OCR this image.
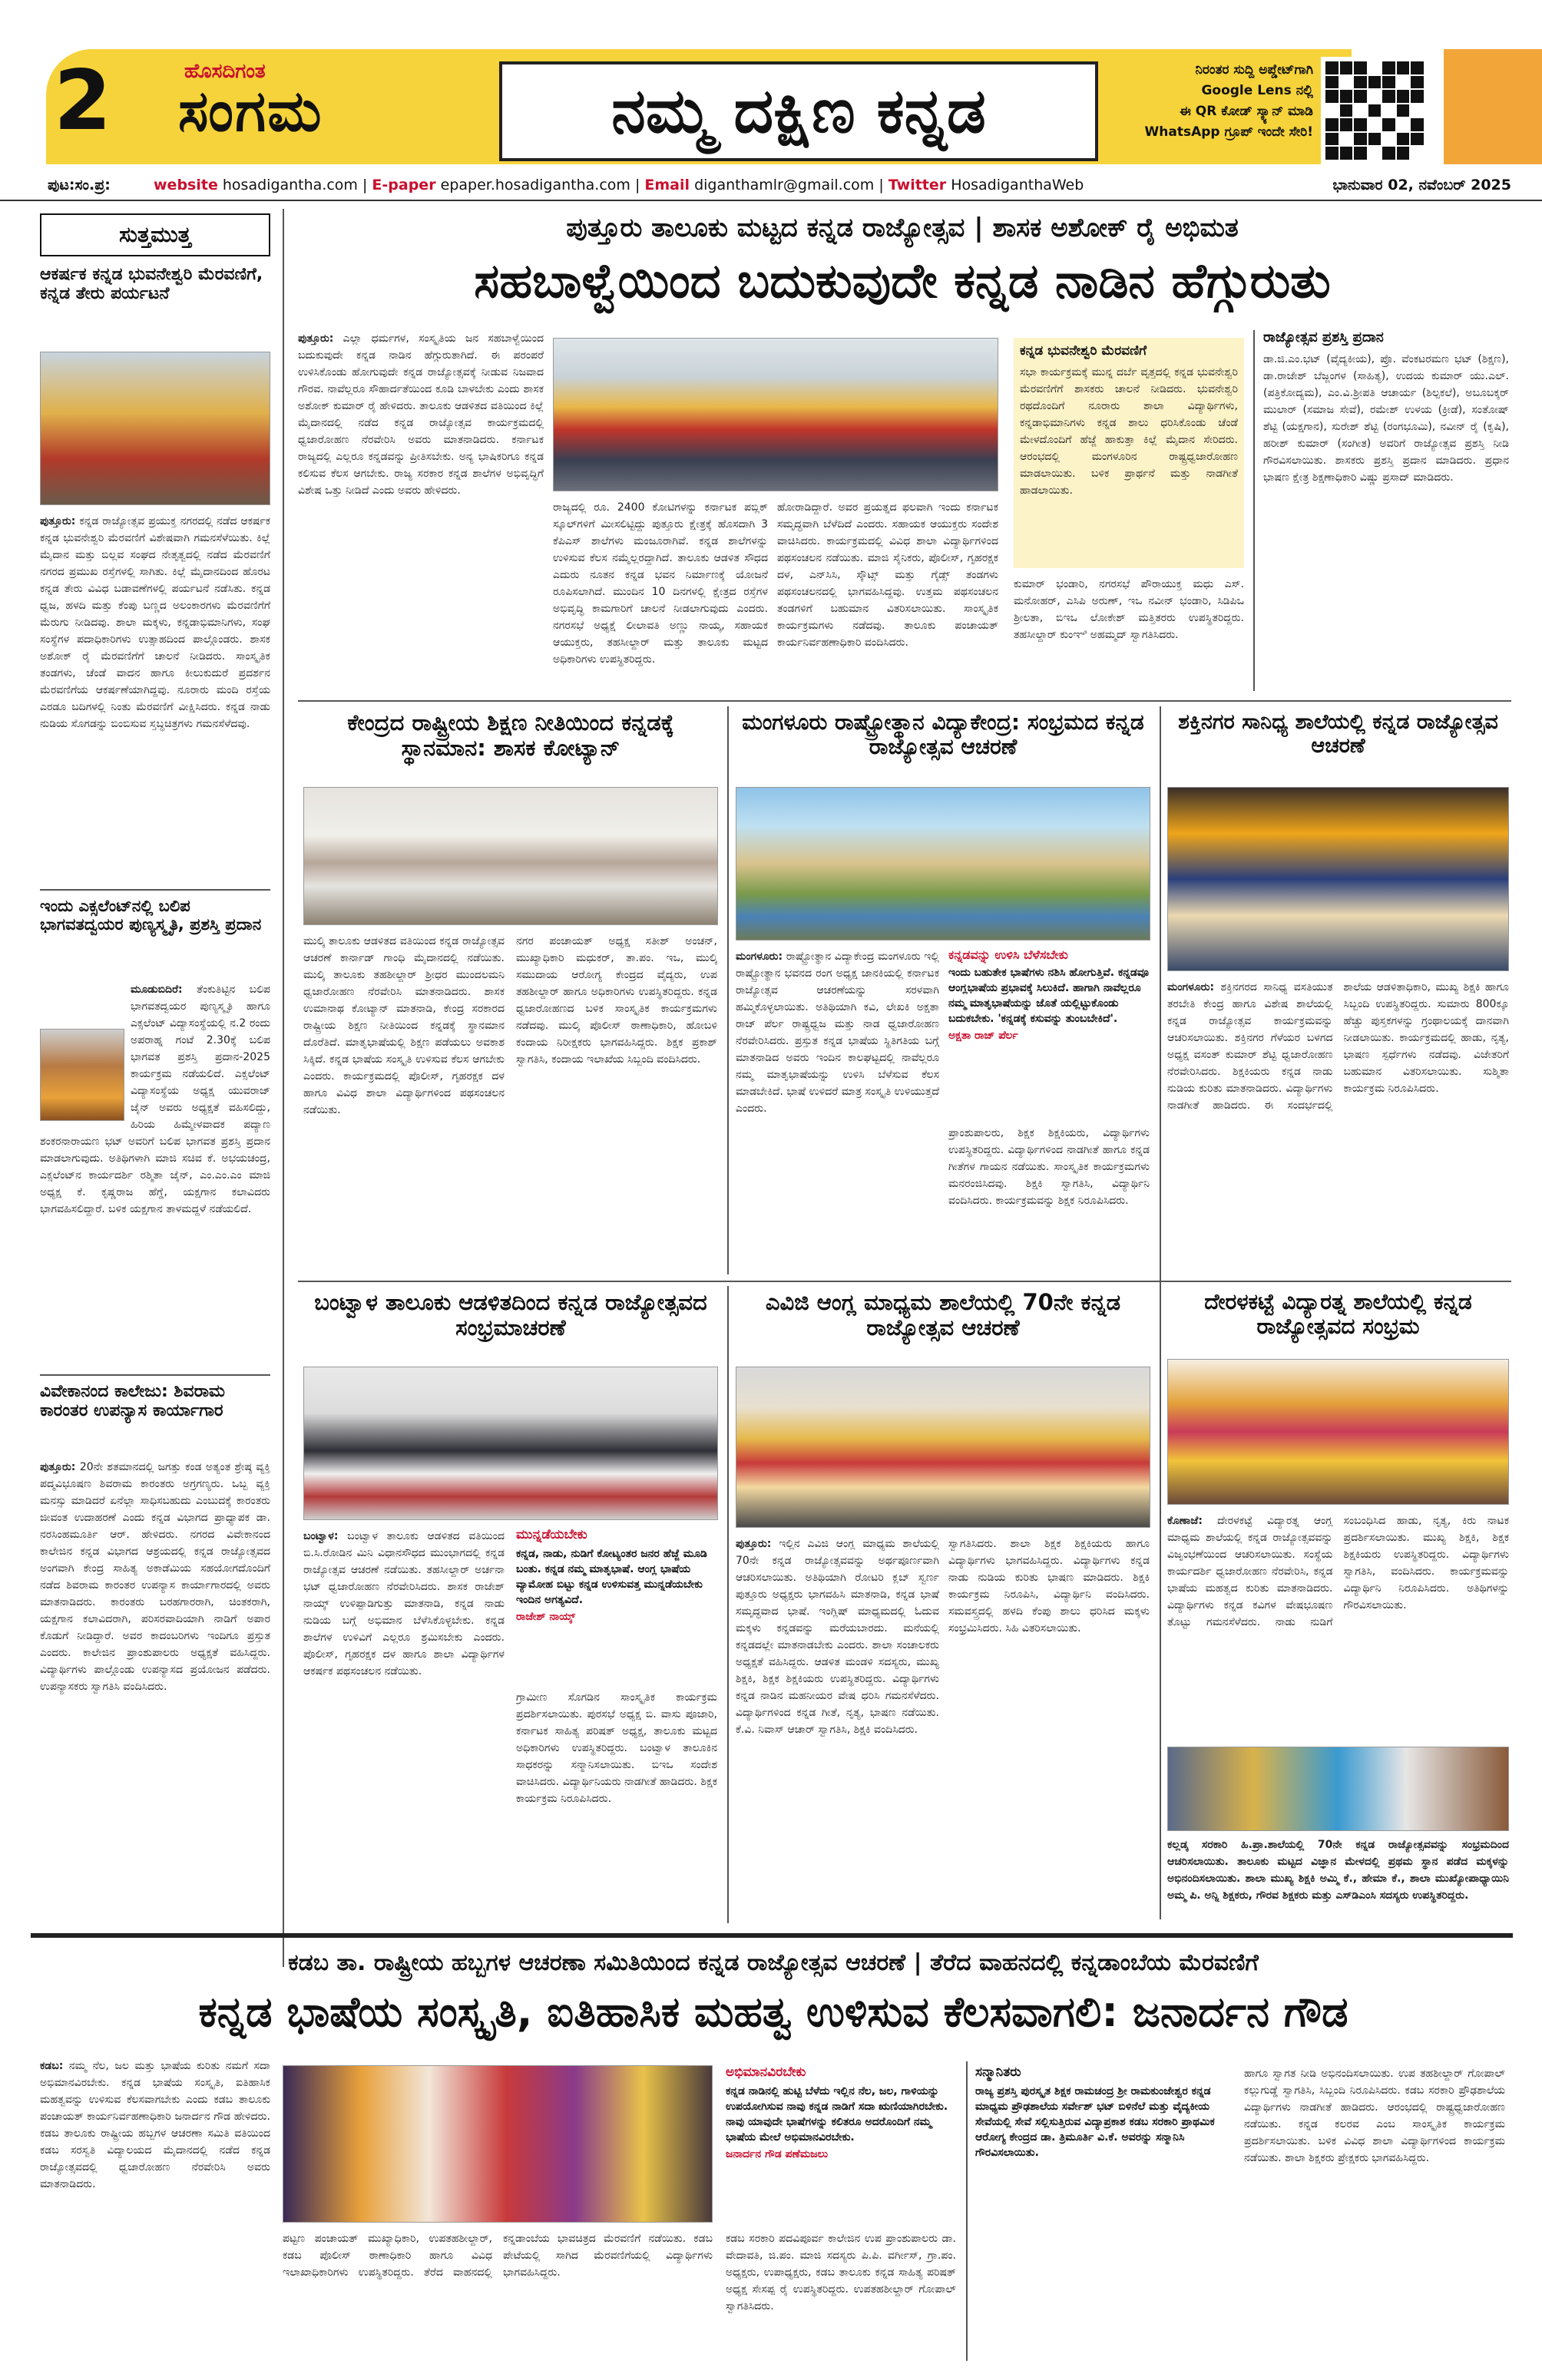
2	ಹೊಸದಿಗಂತ
ಸಂಗಮ	ನಮ್ಮ ದಕ್ಷಿಣ ಕನ್ನಡ
ನಿರಂತರ ಸುದ್ದಿ ಅಪ್ಡೇಟ್‌ಗಾಗಿ
Google Lens ನಲ್ಲಿ
ಈ QR ಕೋಡ್ ಸ್ಕ್ಯಾನ್ ಮಾಡಿ
WhatsApp ಗ್ರೂಪ್ ಇಂದೇ ಸೇರಿ!
ಪುಟ:ಸಂ.ಪ್ರ:	website hosadigantha.com | E-paper epaper.hosadigantha.com | Email diganthamlr@gmail.com | Twitter HosadiganthaWeb	ಭಾನುವಾರ 02, ನವೆಂಬರ್ 2025
ಸುತ್ತಮುತ್ತ
ಆಕರ್ಷಕ ಕನ್ನಡ ಭುವನೇಶ್ವರಿ ಮೆರವಣಿಗೆ, ಕನ್ನಡ ತೇರು ಪರ್ಯಟನೆ
ಪುತ್ತೂರು: ಕನ್ನಡ ರಾಜ್ಯೋತ್ಸವ ಪ್ರಯುಕ್ತ ನಗರದಲ್ಲಿ ನಡೆದ ಆಕರ್ಷಕ ಕನ್ನಡ ಭುವನೇಶ್ವರಿ ಮೆರವಣಿಗೆ ವಿಶೇಷವಾಗಿ ಗಮನಸೆಳೆಯಿತು. ಕಿಲ್ಲೆ ಮೈದಾನ ಮತ್ತು ಬಿಲ್ಲವ ಸಂಘದ ನೇತೃತ್ವದಲ್ಲಿ ನಡೆದ ಮೆರವಣಿಗೆ ನಗರದ ಪ್ರಮುಖ ರಸ್ತೆಗಳಲ್ಲಿ ಸಾಗಿತು. ಕಿಲ್ಲೆ ಮೈದಾನದಿಂದ ಹೊರಟ ಕನ್ನಡ ತೇರು ವಿವಿಧ ಬಡಾವಣೆಗಳಲ್ಲಿ ಪರ್ಯಟನೆ ನಡೆಸಿತು. ಕನ್ನಡ ಧ್ವಜ, ಹಳದಿ ಮತ್ತು ಕೆಂಪು ಬಣ್ಣದ ಅಲಂಕಾರಗಳು ಮೆರವಣಿಗೆಗೆ ಮೆರುಗು ನೀಡಿದವು. ಶಾಲಾ ಮಕ್ಕಳು, ಕನ್ನಡಾಭಿಮಾನಿಗಳು, ಸಂಘ ಸಂಸ್ಥೆಗಳ ಪದಾಧಿಕಾರಿಗಳು ಉತ್ಸಾಹದಿಂದ ಪಾಲ್ಗೊಂಡರು. ಶಾಸಕ ಅಶೋಕ್ ರೈ ಮೆರವಣಿಗೆಗೆ ಚಾಲನೆ ನೀಡಿದರು. ಸಾಂಸ್ಕೃತಿಕ ತಂಡಗಳು, ಚೆಂಡೆ ವಾದನ ಹಾಗೂ ಕೀಲುಕುದುರೆ ಪ್ರದರ್ಶನ ಮೆರವಣಿಗೆಯ ಆಕರ್ಷಣೆಯಾಗಿದ್ದವು. ನೂರಾರು ಮಂದಿ ರಸ್ತೆಯ ಎರಡೂ ಬದಿಗಳಲ್ಲಿ ನಿಂತು ಮೆರವಣಿಗೆ ವೀಕ್ಷಿಸಿದರು. ಕನ್ನಡ ನಾಡು ನುಡಿಯ ಸೊಗಡನ್ನು ಬಿಂಬಿಸುವ ಸ್ತಬ್ಧಚಿತ್ರಗಳು ಗಮನಸೆಳೆದವು.
ಇಂದು ಎಕ್ಸಲೆಂಟ್‌ನಲ್ಲಿ ಬಲಿಪ ಭಾಗವತದ್ವಯರ ಪುಣ್ಯಸ್ಮೃತಿ, ಪ್ರಶಸ್ತಿ ಪ್ರದಾನ
ಮೂಡುಬಿದಿರೆ: ತೆಂಕುತಿಟ್ಟಿನ ಬಲಿಪ ಭಾಗವತದ್ವಯರ ಪುಣ್ಯಸ್ಮೃತಿ ಹಾಗೂ ಎಕ್ಸಲೆಂಟ್ ವಿದ್ಯಾಸಂಸ್ಥೆಯಲ್ಲಿ ನ.2 ರಂದು ಅಪರಾಹ್ನ ಗಂಟೆ 2.30ಕ್ಕೆ ಬಲಿಪ ಭಾಗವತ ಪ್ರಶಸ್ತಿ ಪ್ರದಾನ-2025 ಕಾರ್ಯಕ್ರಮ ನಡೆಯಲಿದೆ. ಎಕ್ಸಲೆಂಟ್ ವಿದ್ಯಾಸಂಸ್ಥೆಯ ಅಧ್ಯಕ್ಷ ಯುವರಾಜ್ ಜೈನ್ ಅವರು ಅಧ್ಯಕ್ಷತೆ ವಹಿಸಲಿದ್ದು, ಹಿರಿಯ ಹಿಮ್ಮೇಳವಾದಕ ಪದ್ಯಾಣ ಶಂಕರನಾರಾಯಣ ಭಟ್ ಅವರಿಗೆ ಬಲಿಪ ಭಾಗವತ ಪ್ರಶಸ್ತಿ ಪ್ರದಾನ ಮಾಡಲಾಗುವುದು. ಅತಿಥಿಗಳಾಗಿ ಮಾಜಿ ಸಚಿವ ಕೆ. ಅಭಯಚಂದ್ರ, ಎಕ್ಸಲೆಂಟ್‌ನ ಕಾರ್ಯದರ್ಶಿ ರಶ್ಮಿತಾ ಜೈನ್, ಎಂ.ಎಂ.ಎಂ ಮಾಜಿ ಅಧ್ಯಕ್ಷ ಕೆ. ಕೃಷ್ಣರಾಜ ಹೆಗ್ಡೆ, ಯಕ್ಷಗಾನ ಕಲಾವಿದರು ಭಾಗವಹಿಸಲಿದ್ದಾರೆ. ಬಳಿಕ ಯಕ್ಷಗಾನ ತಾಳಮದ್ದಳೆ ನಡೆಯಲಿದೆ.
ವಿವೇಕಾನಂದ ಕಾಲೇಜು: ಶಿವರಾಮ ಕಾರಂತರ ಉಪನ್ಯಾಸ ಕಾರ್ಯಾಗಾರ
ಪುತ್ತೂರು: 20ನೇ ಶತಮಾನದಲ್ಲಿ ಜಗತ್ತು ಕಂಡ ಅತ್ಯಂತ ಶ್ರೇಷ್ಠ ವ್ಯಕ್ತಿ ಪದ್ಮವಿಭೂಷಣ ಶಿವರಾಮ ಕಾರಂತರು ಅಗ್ರಗಣ್ಯರು. ಒಬ್ಬ ವ್ಯಕ್ತಿ ಮನಸ್ಸು ಮಾಡಿದರೆ ಏನೆಲ್ಲಾ ಸಾಧಿಸಬಹುದು ಎಂಬುದಕ್ಕೆ ಕಾರಂತರು ಜೀವಂತ ಉದಾಹರಣೆ ಎಂದು ಕನ್ನಡ ವಿಭಾಗದ ಪ್ರಾಧ್ಯಾಪಕ ಡಾ. ನರಸಿಂಹಮೂರ್ತಿ ಆರ್. ಹೇಳಿದರು. ನಗರದ ವಿವೇಕಾನಂದ ಕಾಲೇಜಿನ ಕನ್ನಡ ವಿಭಾಗದ ಆಶ್ರಯದಲ್ಲಿ ಕನ್ನಡ ರಾಜ್ಯೋತ್ಸವದ ಅಂಗವಾಗಿ ಕೇಂದ್ರ ಸಾಹಿತ್ಯ ಅಕಾಡೆಮಿಯ ಸಹಯೋಗದೊಂದಿಗೆ ನಡೆದ ಶಿವರಾಮ ಕಾರಂತರ ಉಪನ್ಯಾಸ ಕಾರ್ಯಾಗಾರದಲ್ಲಿ ಅವರು ಮಾತನಾಡಿದರು. ಕಾರಂತರು ಬರಹಗಾರರಾಗಿ, ಚಿಂತಕರಾಗಿ, ಯಕ್ಷಗಾನ ಕಲಾವಿದರಾಗಿ, ಪರಿಸರವಾದಿಯಾಗಿ ನಾಡಿಗೆ ಅಪಾರ ಕೊಡುಗೆ ನೀಡಿದ್ದಾರೆ. ಅವರ ಕಾದಂಬರಿಗಳು ಇಂದಿಗೂ ಪ್ರಸ್ತುತ ಎಂದರು. ಕಾಲೇಜಿನ ಪ್ರಾಂಶುಪಾಲರು ಅಧ್ಯಕ್ಷತೆ ವಹಿಸಿದ್ದರು. ವಿದ್ಯಾರ್ಥಿಗಳು ಪಾಲ್ಗೊಂಡು ಉಪನ್ಯಾಸದ ಪ್ರಯೋಜನ ಪಡೆದರು. ಉಪನ್ಯಾಸಕರು ಸ್ವಾಗತಿಸಿ ವಂದಿಸಿದರು.
ಪುತ್ತೂರು ತಾಲೂಕು ಮಟ್ಟದ ಕನ್ನಡ ರಾಜ್ಯೋತ್ಸವ | ಶಾಸಕ ಅಶೋಕ್ ರೈ ಅಭಿಮತ
ಸಹಬಾಳ್ವೆಯಿಂದ ಬದುಕುವುದೇ ಕನ್ನಡ ನಾಡಿನ ಹೆಗ್ಗುರುತು
ಪುತ್ತೂರು: ಎಲ್ಲಾ ಧರ್ಮಗಳ, ಸಂಸ್ಕೃತಿಯ ಜನ ಸಹಬಾಳ್ವೆಯಿಂದ ಬದುಕುವುದೇ ಕನ್ನಡ ನಾಡಿನ ಹೆಗ್ಗುರುತಾಗಿದೆ. ಈ ಪರಂಪರೆ ಉಳಿಸಿಕೊಂಡು ಹೋಗುವುದೇ ಕನ್ನಡ ರಾಜ್ಯೋತ್ಸವಕ್ಕೆ ನೀಡುವ ನಿಜವಾದ ಗೌರವ. ನಾವೆಲ್ಲರೂ ಸೌಹಾರ್ದತೆಯಿಂದ ಕೂಡಿ ಬಾಳಬೇಕು ಎಂದು ಶಾಸಕ ಅಶೋಕ್ ಕುಮಾರ್ ರೈ ಹೇಳಿದರು. ತಾಲೂಕು ಆಡಳಿತದ ವತಿಯಿಂದ ಕಿಲ್ಲೆ ಮೈದಾನದಲ್ಲಿ ನಡೆದ ಕನ್ನಡ ರಾಜ್ಯೋತ್ಸವ ಕಾರ್ಯಕ್ರಮದಲ್ಲಿ ಧ್ವಜಾರೋಹಣ ನೆರವೇರಿಸಿ ಅವರು ಮಾತನಾಡಿದರು. ಕರ್ನಾಟಕ ರಾಜ್ಯದಲ್ಲಿ ಎಲ್ಲರೂ ಕನ್ನಡವನ್ನು ಪ್ರೀತಿಸಬೇಕು. ಅನ್ಯ ಭಾಷಿಕರಿಗೂ ಕನ್ನಡ ಕಲಿಸುವ ಕೆಲಸ ಆಗಬೇಕು. ರಾಜ್ಯ ಸರಕಾರ ಕನ್ನಡ ಶಾಲೆಗಳ ಅಭಿವೃದ್ಧಿಗೆ ವಿಶೇಷ ಒತ್ತು ನೀಡಿದೆ ಎಂದು ಅವರು ಹೇಳಿದರು.
ರಾಜ್ಯದಲ್ಲಿ ರೂ. 2400 ಕೋಟಿಗಳನ್ನು ಕರ್ನಾಟಕ ಪಬ್ಲಿಕ್ ಸ್ಕೂಲ್‌ಗಳಿಗೆ ಮೀಸಲಿಟ್ಟಿದ್ದು ಪುತ್ತೂರು ಕ್ಷೇತ್ರಕ್ಕೆ ಹೊಸದಾಗಿ 3 ಕೆಪಿಎಸ್ ಶಾಲೆಗಳು ಮಂಜೂರಾಗಿವೆ. ಕನ್ನಡ ಶಾಲೆಗಳನ್ನು ಉಳಿಸುವ ಕೆಲಸ ನಮ್ಮೆಲ್ಲರದ್ದಾಗಿದೆ. ತಾಲೂಕು ಆಡಳಿತ ಸೌಧದ ಎದುರು ನೂತನ ಕನ್ನಡ ಭವನ ನಿರ್ಮಾಣಕ್ಕೆ ಯೋಜನೆ ರೂಪಿಸಲಾಗಿದೆ. ಮುಂದಿನ 10 ದಿನಗಳಲ್ಲಿ ಕ್ಷೇತ್ರದ ರಸ್ತೆಗಳ ಅಭಿವೃದ್ಧಿ ಕಾಮಗಾರಿಗೆ ಚಾಲನೆ ನೀಡಲಾಗುವುದು ಎಂದರು. ನಗರಸಭೆ ಅಧ್ಯಕ್ಷೆ ಲೀಲಾವತಿ ಅಣ್ಣು ನಾಯ್ಕ, ಸಹಾಯಕ ಆಯುಕ್ತರು, ತಹಸೀಲ್ದಾರ್ ಮತ್ತು ತಾಲೂಕು ಮಟ್ಟದ ಅಧಿಕಾರಿಗಳು ಉಪಸ್ಥಿತರಿದ್ದರು.
ಹೋರಾಡಿದ್ದಾರೆ. ಅವರ ಪ್ರಯತ್ನದ ಫಲವಾಗಿ ಇಂದು ಕರ್ನಾಟಕ ಸಮೃದ್ಧವಾಗಿ ಬೆಳೆದಿದೆ ಎಂದರು. ಸಹಾಯಕ ಆಯುಕ್ತರು ಸಂದೇಶ ವಾಚಿಸಿದರು. ಕಾರ್ಯಕ್ರಮದಲ್ಲಿ ವಿವಿಧ ಶಾಲಾ ವಿದ್ಯಾರ್ಥಿಗಳಿಂದ ಪಥಸಂಚಲನ ನಡೆಯಿತು. ಮಾಜಿ ಸೈನಿಕರು, ಪೊಲೀಸ್, ಗೃಹರಕ್ಷಕ ದಳ, ಎನ್‌ಸಿಸಿ, ಸ್ಕೌಟ್ಸ್ ಮತ್ತು ಗೈಡ್ಸ್ ತಂಡಗಳು ಪಥಸಂಚಲನದಲ್ಲಿ ಭಾಗವಹಿಸಿದ್ದವು. ಉತ್ತಮ ಪಥಸಂಚಲನ ತಂಡಗಳಿಗೆ ಬಹುಮಾನ ವಿತರಿಸಲಾಯಿತು. ಸಾಂಸ್ಕೃತಿಕ ಕಾರ್ಯಕ್ರಮಗಳು ನಡೆದವು. ತಾಲೂಕು ಪಂಚಾಯತ್ ಕಾರ್ಯನಿರ್ವಹಣಾಧಿಕಾರಿ ವಂದಿಸಿದರು.
ಕನ್ನಡ ಭುವನೇಶ್ವರಿ ಮೆರವಣಿಗೆ
ಸಭಾ ಕಾರ್ಯಕ್ರಮಕ್ಕೆ ಮುನ್ನ ದರ್ಬೆ ವೃತ್ತದಲ್ಲಿ ಕನ್ನಡ ಭುವನೇಶ್ವರಿ ಮೆರವಣಿಗೆಗೆ ಶಾಸಕರು ಚಾಲನೆ ನೀಡಿದರು. ಭುವನೇಶ್ವರಿ ರಥದೊಂದಿಗೆ ನೂರಾರು ಶಾಲಾ ವಿದ್ಯಾರ್ಥಿಗಳು, ಕನ್ನಡಾಭಿಮಾನಿಗಳು ಕನ್ನಡ ಶಾಲು ಧರಿಸಿಕೊಂಡು ಚೆಂಡೆ ಮೇಳದೊಂದಿಗೆ ಹೆಜ್ಜೆ ಹಾಕುತ್ತಾ ಕಿಲ್ಲೆ ಮೈದಾನ ಸೇರಿದರು. ಆರಂಭದಲ್ಲಿ ಮಂಗಳೂರಿನ ರಾಷ್ಟ್ರಧ್ವಜಾರೋಹಣ ಮಾಡಲಾಯಿತು. ಬಳಿಕ ಪ್ರಾರ್ಥನೆ ಮತ್ತು ನಾಡಗೀತೆ ಹಾಡಲಾಯಿತು.
ಕುಮಾರ್ ಭಂಡಾರಿ, ನಗರಸಭೆ ಪೌರಾಯುಕ್ತ ಮಧು ಎಸ್. ಮನೋಹರ್, ಎಸಿಪಿ ಅರುಣ್, ಇಒ ನವೀನ್ ಭಂಡಾರಿ, ಸಿಡಿಪಿಒ ಶ್ರೀಲತಾ, ಬಿಇಒ ಲೋಕೇಶ್ ಮತ್ತಿತರರು ಉಪಸ್ಥಿತರಿದ್ದರು. ತಹಸೀಲ್ದಾರ್ ಕುಂಞಿ ಅಹಮ್ಮದ್ ಸ್ವಾಗತಿಸಿದರು.
ರಾಜ್ಯೋತ್ಸವ ಪ್ರಶಸ್ತಿ ಪ್ರದಾನ
ಡಾ.ಜಿ.ಎಂ.ಭಟ್ (ವೈದ್ಯಕೀಯ), ಪ್ರೊ. ವೆಂಕಟರಮಣ ಭಟ್ (ಶಿಕ್ಷಣ), ಡಾ.ರಾಜೇಶ್ ಬೆಜ್ಜಂಗಳ (ಸಾಹಿತ್ಯ), ಉದಯ ಕುಮಾರ್ ಯು.ಎಲ್. (ಪತ್ರಿಕೋದ್ಯಮ), ಎಂ.ವಿ.ಶ್ರೀಪತಿ ಆಚಾರ್ಯ (ಶಿಲ್ಪಕಲೆ), ಅಬೂಬಕ್ಕರ್ ಮುಲಾರ್ (ಸಮಾಜ ಸೇವೆ), ರಮೇಶ್ ಉಳಯ (ಕ್ರೀಡೆ), ಸಂತೋಷ್ ಶೆಟ್ಟಿ (ಯಕ್ಷಗಾನ), ಸುರೇಶ್ ಶೆಟ್ಟಿ (ರಂಗಭೂಮಿ), ನವೀನ್ ರೈ (ಕೃಷಿ), ಹರೀಶ್ ಕುಮಾರ್ (ಸಂಗೀತ) ಅವರಿಗೆ ರಾಜ್ಯೋತ್ಸವ ಪ್ರಶಸ್ತಿ ನೀಡಿ ಗೌರವಿಸಲಾಯಿತು. ಶಾಸಕರು ಪ್ರಶಸ್ತಿ ಪ್ರದಾನ ಮಾಡಿದರು. ಪ್ರಧಾನ ಭಾಷಣ ಕ್ಷೇತ್ರ ಶಿಕ್ಷಣಾಧಿಕಾರಿ ವಿಷ್ಣು ಪ್ರಸಾದ್ ಮಾಡಿದರು.
ಕೇಂದ್ರದ ರಾಷ್ಟ್ರೀಯ ಶಿಕ್ಷಣ ನೀತಿಯಿಂದ ಕನ್ನಡಕ್ಕೆ ಸ್ಥಾನಮಾನ: ಶಾಸಕ ಕೋಟ್ಯಾನ್
ಮುಲ್ಕಿ ತಾಲೂಕು ಆಡಳಿತದ ವತಿಯಿಂದ ಕನ್ನಡ ರಾಜ್ಯೋತ್ಸವ ಆಚರಣೆ ಕಾರ್ನಾಡ್ ಗಾಂಧಿ ಮೈದಾನದಲ್ಲಿ ನಡೆಯಿತು. ಮುಲ್ಕಿ ತಾಲೂಕು ತಹಶೀಲ್ದಾರ್ ಶ್ರೀಧರ ಮುಂದಲಮನಿ ಧ್ವಜಾರೋಹಣ ನೆರವೇರಿಸಿ ಮಾತನಾಡಿದರು. ಶಾಸಕ ಉಮಾನಾಥ ಕೋಟ್ಯಾನ್ ಮಾತನಾಡಿ, ಕೇಂದ್ರ ಸರಕಾರದ ರಾಷ್ಟ್ರೀಯ ಶಿಕ್ಷಣ ನೀತಿಯಿಂದ ಕನ್ನಡಕ್ಕೆ ಸ್ಥಾನಮಾನ ದೊರೆತಿದೆ. ಮಾತೃಭಾಷೆಯಲ್ಲಿ ಶಿಕ್ಷಣ ಪಡೆಯಲು ಅವಕಾಶ ಸಿಕ್ಕಿದೆ. ಕನ್ನಡ ಭಾಷೆಯ ಸಂಸ್ಕೃತಿ ಉಳಿಸುವ ಕೆಲಸ ಆಗಬೇಕು ಎಂದರು. ಕಾರ್ಯಕ್ರಮದಲ್ಲಿ ಪೊಲೀಸ್, ಗೃಹರಕ್ಷಕ ದಳ ಹಾಗೂ ವಿವಿಧ ಶಾಲಾ ವಿದ್ಯಾರ್ಥಿಗಳಿಂದ ಪಥಸಂಚಲನ ನಡೆಯಿತು.
ನಗರ ಪಂಚಾಯತ್ ಅಧ್ಯಕ್ಷ ಸತೀಶ್ ಅಂಚನ್, ಮುಖ್ಯಾಧಿಕಾರಿ ಮಧುಕರ್, ತಾ.ಪಂ. ಇಒ, ಮುಲ್ಕಿ ಸಮುದಾಯ ಆರೋಗ್ಯ ಕೇಂದ್ರದ ವೈದ್ಯರು, ಉಪ ತಹಶೀಲ್ದಾರ್ ಹಾಗೂ ಅಧಿಕಾರಿಗಳು ಉಪಸ್ಥಿತರಿದ್ದರು. ಕನ್ನಡ ಧ್ವಜಾರೋಹಣದ ಬಳಿಕ ಸಾಂಸ್ಕೃತಿಕ ಕಾರ್ಯಕ್ರಮಗಳು ನಡೆದವು. ಮುಲ್ಕಿ ಪೊಲೀಸ್ ಠಾಣಾಧಿಕಾರಿ, ಹೋಬಳಿ ಕಂದಾಯ ನಿರೀಕ್ಷಕರು ಭಾಗವಹಿಸಿದ್ದರು. ಶಿಕ್ಷಕ ಪ್ರಕಾಶ್ ಸ್ವಾಗತಿಸಿ, ಕಂದಾಯ ಇಲಾಖೆಯ ಸಿಬ್ಬಂದಿ ವಂದಿಸಿದರು.
ಮಂಗಳೂರು ರಾಷ್ಟ್ರೋತ್ಥಾನ ವಿದ್ಯಾಕೇಂದ್ರ: ಸಂಭ್ರಮದ ಕನ್ನಡ ರಾಜ್ಯೋತ್ಸವ ಆಚರಣೆ
ಮಂಗಳೂರು: ರಾಷ್ಟ್ರೋತ್ಥಾನ ವಿದ್ಯಾಕೇಂದ್ರ ಮಂಗಳೂರು ಇಲ್ಲಿ ರಾಷ್ಟ್ರೋತ್ಥಾನ ಭವನದ ರಂಗ ಅಧ್ಯಕ್ಷ ಜಾನಕಿಯಲ್ಲಿ ಕರ್ನಾಟಕ ರಾಜ್ಯೋತ್ಸವ ಆಚರಣೆಯನ್ನು ಸರಳವಾಗಿ ಹಮ್ಮಿಕೊಳ್ಳಲಾಯಿತು. ಅತಿಥಿಯಾಗಿ ಕವಿ, ಲೇಖಕಿ ಅಕ್ಷತಾ ರಾಜ್ ಪೆರ್ಲ ರಾಷ್ಟ್ರಧ್ವಜ ಮತ್ತು ನಾಡ ಧ್ವಜಾರೋಹಣ ನೆರವೇರಿಸಿದರು. ಪ್ರಸ್ತುತ ಕನ್ನಡ ಭಾಷೆಯ ಸ್ಥಿತಿಗತಿಯ ಬಗ್ಗೆ ಮಾತನಾಡಿದ ಅವರು ಇಂದಿನ ಕಾಲಘಟ್ಟದಲ್ಲಿ ನಾವೆಲ್ಲರೂ ನಮ್ಮ ಮಾತೃಭಾಷೆಯನ್ನು ಉಳಿಸಿ ಬೆಳೆಸುವ ಕೆಲಸ ಮಾಡಬೇಕಿದೆ. ಭಾಷೆ ಉಳಿದರೆ ಮಾತ್ರ ಸಂಸ್ಕೃತಿ ಉಳಿಯುತ್ತದೆ ಎಂದರು.
ಕನ್ನಡವನ್ನು ಉಳಿಸಿ ಬೆಳೆಸಬೇಕು
ಇಂದು ಬಹುತೇಕ ಭಾಷೆಗಳು ನಶಿಸಿ ಹೋಗುತ್ತಿವೆ. ಕನ್ನಡವೂ ಆಂಗ್ಲಭಾಷೆಯ ಪ್ರಭಾವಕ್ಕೆ ಸಿಲುಕಿದೆ. ಹಾಗಾಗಿ ನಾವೆಲ್ಲರೂ ನಮ್ಮ ಮಾತೃಭಾಷೆಯನ್ನು ಜೊತೆ ಯಲ್ಲಿಟ್ಟುಕೊಂಡು ಬದುಕಬೇಕು. 'ಕನ್ನಡಕ್ಕೆ ಕಸುವನ್ನು ತುಂಬಬೇಕಿದೆ'.
ಅಕ್ಷತಾ ರಾಜ್ ಪೆರ್ಲ
ಪ್ರಾಂಶುಪಾಲರು, ಶಿಕ್ಷಕ ಶಿಕ್ಷಕಿಯರು, ವಿದ್ಯಾರ್ಥಿಗಳು ಉಪಸ್ಥಿತರಿದ್ದರು. ವಿದ್ಯಾರ್ಥಿಗಳಿಂದ ನಾಡಗೀತೆ ಹಾಗೂ ಕನ್ನಡ ಗೀತೆಗಳ ಗಾಯನ ನಡೆಯಿತು. ಸಾಂಸ್ಕೃತಿಕ ಕಾರ್ಯಕ್ರಮಗಳು ಮನರಂಜಿಸಿದವು. ಶಿಕ್ಷಕಿ ಸ್ವಾಗತಿಸಿ, ವಿದ್ಯಾರ್ಥಿನಿ ವಂದಿಸಿದರು. ಕಾರ್ಯಕ್ರಮವನ್ನು ಶಿಕ್ಷಕ ನಿರೂಪಿಸಿದರು.
ಶಕ್ತಿನಗರ ಸಾನಿಧ್ಯ ಶಾಲೆಯಲ್ಲಿ ಕನ್ನಡ ರಾಜ್ಯೋತ್ಸವ ಆಚರಣೆ
ಮಂಗಳೂರು: ಶಕ್ತಿನಗರದ ಸಾನಿಧ್ಯ ವಸತಿಯುತ ತರಬೇತಿ ಕೇಂದ್ರ ಹಾಗೂ ವಿಶೇಷ ಶಾಲೆಯಲ್ಲಿ ಕನ್ನಡ ರಾಜ್ಯೋತ್ಸವ ಕಾರ್ಯಕ್ರಮವನ್ನು ಆಚರಿಸಲಾಯಿತು. ಶಕ್ತಿನಗರ ಗೆಳೆಯರ ಬಳಗದ ಅಧ್ಯಕ್ಷ ವಸಂತ್ ಕುಮಾರ್ ಶೆಟ್ಟಿ ಧ್ವಜಾರೋಹಣ ನೆರವೇರಿಸಿದರು. ಶಿಕ್ಷಕಿಯರು ಕನ್ನಡ ನಾಡು ನುಡಿಯ ಕುರಿತು ಮಾತನಾಡಿದರು. ವಿದ್ಯಾರ್ಥಿಗಳು ನಾಡಗೀತೆ ಹಾಡಿದರು. ಈ ಸಂದರ್ಭದಲ್ಲಿ ಶಾಲೆಯ ಆಡಳಿತಾಧಿಕಾರಿ, ಮುಖ್ಯ ಶಿಕ್ಷಕಿ ಹಾಗೂ ಸಿಬ್ಬಂದಿ ಉಪಸ್ಥಿತರಿದ್ದರು. ಸುಮಾರು 800ಕ್ಕೂ ಹೆಚ್ಚು ಪುಸ್ತಕಗಳನ್ನು ಗ್ರಂಥಾಲಯಕ್ಕೆ ದಾನವಾಗಿ ನೀಡಲಾಯಿತು. ಕಾರ್ಯಕ್ರಮದಲ್ಲಿ ಹಾಡು, ನೃತ್ಯ, ಭಾಷಣ ಸ್ಪರ್ಧೆಗಳು ನಡೆದವು. ವಿಜೇತರಿಗೆ ಬಹುಮಾನ ವಿತರಿಸಲಾಯಿತು. ಸುಶ್ಮಿತಾ ಕಾರ್ಯಕ್ರಮ ನಿರೂಪಿಸಿದರು.
ದೇರಳಕಟ್ಟೆ ವಿದ್ಯಾರತ್ನ ಶಾಲೆಯಲ್ಲಿ ಕನ್ನಡ ರಾಜ್ಯೋತ್ಸವದ ಸಂಭ್ರಮ
ಕೊಣಾಜೆ: ದೇರಳಕಟ್ಟೆ ವಿದ್ಯಾರತ್ನ ಆಂಗ್ಲ ಮಾಧ್ಯಮ ಶಾಲೆಯಲ್ಲಿ ಕನ್ನಡ ರಾಜ್ಯೋತ್ಸವವನ್ನು ವಿಜೃಂಭಣೆಯಿಂದ ಆಚರಿಸಲಾಯಿತು. ಸಂಸ್ಥೆಯ ಕಾರ್ಯದರ್ಶಿ ಧ್ವಜಾರೋಹಣ ನೆರವೇರಿಸಿ, ಕನ್ನಡ ಭಾಷೆಯ ಮಹತ್ವದ ಕುರಿತು ಮಾತನಾಡಿದರು. ವಿದ್ಯಾರ್ಥಿಗಳು ಕನ್ನಡ ಕವಿಗಳ ವೇಷಭೂಷಣ ತೊಟ್ಟು ಗಮನಸೆಳೆದರು. ನಾಡು ನುಡಿಗೆ ಸಂಬಂಧಿಸಿದ ಹಾಡು, ನೃತ್ಯ, ಕಿರು ನಾಟಕ ಪ್ರದರ್ಶಿಸಲಾಯಿತು. ಮುಖ್ಯ ಶಿಕ್ಷಕಿ, ಶಿಕ್ಷಕ ಶಿಕ್ಷಕಿಯರು ಉಪಸ್ಥಿತರಿದ್ದರು. ವಿದ್ಯಾರ್ಥಿಗಳು ಸ್ವಾಗತಿಸಿ, ವಂದಿಸಿದರು. ಕಾರ್ಯಕ್ರಮವನ್ನು ವಿದ್ಯಾರ್ಥಿನಿ ನಿರೂಪಿಸಿದರು. ಅತಿಥಿಗಳನ್ನು ಗೌರವಿಸಲಾಯಿತು.
ಬಂಟ್ವಾಳ ತಾಲೂಕು ಆಡಳಿತದಿಂದ ಕನ್ನಡ ರಾಜ್ಯೋತ್ಸವದ ಸಂಭ್ರಮಾಚರಣೆ
ಬಂಟ್ವಾಳ: ಬಂಟ್ವಾಳ ತಾಲೂಕು ಆಡಳಿತದ ವತಿಯಿಂದ ಬಿ.ಸಿ.ರೋಡಿನ ಮಿನಿ ವಿಧಾನಸೌಧದ ಮುಂಭಾಗದಲ್ಲಿ ಕನ್ನಡ ರಾಜ್ಯೋತ್ಸವ ಆಚರಣೆ ನಡೆಯಿತು. ತಹಸೀಲ್ದಾರ್ ಅರ್ಚನಾ ಭಟ್ ಧ್ವಜಾರೋಹಣ ನೆರವೇರಿಸಿದರು. ಶಾಸಕ ರಾಜೇಶ್ ನಾಯ್ಕ್ ಉಳಿಪ್ಪಾಡಿಗುತ್ತು ಮಾತನಾಡಿ, ಕನ್ನಡ ನಾಡು ನುಡಿಯ ಬಗ್ಗೆ ಅಭಿಮಾನ ಬೆಳೆಸಿಕೊಳ್ಳಬೇಕು. ಕನ್ನಡ ಶಾಲೆಗಳ ಉಳಿವಿಗೆ ಎಲ್ಲರೂ ಶ್ರಮಿಸಬೇಕು ಎಂದರು. ಪೊಲೀಸ್, ಗೃಹರಕ್ಷಕ ದಳ ಹಾಗೂ ಶಾಲಾ ವಿದ್ಯಾರ್ಥಿಗಳ ಆಕರ್ಷಕ ಪಥಸಂಚಲನ ನಡೆಯಿತು.
ಮುನ್ನಡೆಯಬೇಕು
ಕನ್ನಡ, ನಾಡು, ನುಡಿಗೆ ಕೋಟ್ಯಂತರ ಜನರ ಹೆಜ್ಜೆ ಮೂಡಿ ಬಂತು. ಕನ್ನಡ ನಮ್ಮ ಮಾತೃಭಾಷೆ. ಆಂಗ್ಲ ಭಾಷೆಯ ವ್ಯಾಮೋಹ ಬಿಟ್ಟು ಕನ್ನಡ ಉಳಿಸುವತ್ತ ಮುನ್ನಡೆಯಬೇಕು ಇಂದಿನ ಅಗತ್ಯವಿದೆ.
ರಾಜೇಶ್ ನಾಯ್ಕ್
ಗ್ರಾಮೀಣ ಸೊಗಡಿನ ಸಾಂಸ್ಕೃತಿಕ ಕಾರ್ಯಕ್ರಮ ಪ್ರದರ್ಶಿಸಲಾಯಿತು. ಪುರಸಭೆ ಅಧ್ಯಕ್ಷ ಬಿ. ವಾಸು ಪೂಜಾರಿ, ಕರ್ನಾಟಕ ಸಾಹಿತ್ಯ ಪರಿಷತ್ ಅಧ್ಯಕ್ಷ, ತಾಲೂಕು ಮಟ್ಟದ ಅಧಿಕಾರಿಗಳು ಉಪಸ್ಥಿತರಿದ್ದರು. ಬಂಟ್ವಾಳ ತಾಲೂಕಿನ ಸಾಧಕರನ್ನು ಸನ್ಮಾನಿಸಲಾಯಿತು. ಬಿಇಒ ಸಂದೇಶ ವಾಚಿಸಿದರು. ವಿದ್ಯಾರ್ಥಿನಿಯರು ನಾಡಗೀತೆ ಹಾಡಿದರು. ಶಿಕ್ಷಕ ಕಾರ್ಯಕ್ರಮ ನಿರೂಪಿಸಿದರು.
ಎವಿಜಿ ಆಂಗ್ಲ ಮಾಧ್ಯಮ ಶಾಲೆಯಲ್ಲಿ 70ನೇ ಕನ್ನಡ ರಾಜ್ಯೋತ್ಸವ ಆಚರಣೆ
ಪುತ್ತೂರು: ಇಲ್ಲಿನ ಎವಿಜಿ ಆಂಗ್ಲ ಮಾಧ್ಯಮ ಶಾಲೆಯಲ್ಲಿ 70ನೇ ಕನ್ನಡ ರಾಜ್ಯೋತ್ಸವವನ್ನು ಅರ್ಥಪೂರ್ಣವಾಗಿ ಆಚರಿಸಲಾಯಿತು. ಅತಿಥಿಯಾಗಿ ರೋಟರಿ ಕ್ಲಬ್ ಸ್ವರ್ಣ ಪುತ್ತೂರು ಅಧ್ಯಕ್ಷರು ಭಾಗವಹಿಸಿ ಮಾತನಾಡಿ, ಕನ್ನಡ ಭಾಷೆ ಸಮೃದ್ಧವಾದ ಭಾಷೆ. ಇಂಗ್ಲಿಷ್ ಮಾಧ್ಯಮದಲ್ಲಿ ಓದುವ ಮಕ್ಕಳು ಕನ್ನಡವನ್ನು ಮರೆಯಬಾರದು. ಮನೆಯಲ್ಲಿ ಕನ್ನಡದಲ್ಲೇ ಮಾತನಾಡಬೇಕು ಎಂದರು. ಶಾಲಾ ಸಂಚಾಲಕರು ಅಧ್ಯಕ್ಷತೆ ವಹಿಸಿದ್ದರು. ಆಡಳಿತ ಮಂಡಳಿ ಸದಸ್ಯರು, ಮುಖ್ಯ ಶಿಕ್ಷಕಿ, ಶಿಕ್ಷಕ ಶಿಕ್ಷಕಿಯರು ಉಪಸ್ಥಿತರಿದ್ದರು. ವಿದ್ಯಾರ್ಥಿಗಳು ಕನ್ನಡ ನಾಡಿನ ಮಹನೀಯರ ವೇಷ ಧರಿಸಿ ಗಮನಸೆಳೆದರು. ವಿದ್ಯಾರ್ಥಿಗಳಿಂದ ಕನ್ನಡ ಗೀತೆ, ನೃತ್ಯ, ಭಾಷಣ ನಡೆಯಿತು. ಕೆ.ವಿ. ನಿವಾಸ್ ಆಚಾರ್ ಸ್ವಾಗತಿಸಿ, ಶಿಕ್ಷಕಿ ವಂದಿಸಿದರು.
ಸ್ವಾಗತಿಸಿದರು. ಶಾಲಾ ಶಿಕ್ಷಕ ಶಿಕ್ಷಕಿಯರು ಹಾಗೂ ವಿದ್ಯಾರ್ಥಿಗಳು ಭಾಗವಹಿಸಿದ್ದರು. ವಿದ್ಯಾರ್ಥಿಗಳು ಕನ್ನಡ ನಾಡು ನುಡಿಯ ಕುರಿತು ಭಾಷಣ ಮಾಡಿದರು. ಶಿಕ್ಷಕಿ ಕಾರ್ಯಕ್ರಮ ನಿರೂಪಿಸಿ, ವಿದ್ಯಾರ್ಥಿನಿ ವಂದಿಸಿದರು. ಸಮವಸ್ತ್ರದಲ್ಲಿ ಹಳದಿ ಕೆಂಪು ಶಾಲು ಧರಿಸಿದ ಮಕ್ಕಳು ಸಂಭ್ರಮಿಸಿದರು. ಸಿಹಿ ವಿತರಿಸಲಾಯಿತು.
ಕಲ್ಲಡ್ಕ ಸರಕಾರಿ ಹಿ.ಪ್ರಾ.ಶಾಲೆಯಲ್ಲಿ 70ನೇ ಕನ್ನಡ ರಾಜ್ಯೋತ್ಸವವನ್ನು ಸಂಭ್ರಮದಿಂದ ಆಚರಿಸಲಾಯಿತು. ತಾಲೂಕು ಮಟ್ಟದ ವಿಜ್ಞಾನ ಮೇಳದಲ್ಲಿ ಪ್ರಥಮ ಸ್ಥಾನ ಪಡೆದ ಮಕ್ಕಳನ್ನು ಅಭಿನಂದಿಸಲಾಯಿತು. ಶಾಲಾ ಮುಖ್ಯ ಶಿಕ್ಷಕಿ ಅಮ್ಮಿ ಕೆ., ಹೇಮಾ ಕೆ., ಶಾಲಾ ಮುಖ್ಯೋಪಾಧ್ಯಾಯಿನಿ ಅಮ್ಮ ಪಿ. ಅನ್ನಿ ಶಿಕ್ಷಕರು, ಗೌರವ ಶಿಕ್ಷಕರು ಮತ್ತು ಎಸ್‌ಡಿಎಂಸಿ ಸದಸ್ಯರು ಉಪಸ್ಥಿತರಿದ್ದರು.
ಕಡಬ ತಾ. ರಾಷ್ಟ್ರೀಯ ಹಬ್ಬಗಳ ಆಚರಣಾ ಸಮಿತಿಯಿಂದ ಕನ್ನಡ ರಾಜ್ಯೋತ್ಸವ ಆಚರಣೆ | ತೆರೆದ ವಾಹನದಲ್ಲಿ ಕನ್ನಡಾಂಬೆಯ ಮೆರವಣಿಗೆ
ಕನ್ನಡ ಭಾಷೆಯ ಸಂಸ್ಕೃತಿ, ಐತಿಹಾಸಿಕ ಮಹತ್ವ ಉಳಿಸುವ ಕೆಲಸವಾಗಲಿ: ಜನಾರ್ದನ ಗೌಡ
ಕಡಬ: ನಮ್ಮ ನೆಲ, ಜಲ ಮತ್ತು ಭಾಷೆಯ ಕುರಿತು ನಮಗೆ ಸದಾ ಅಭಿಮಾನವಿರಬೇಕು. ಕನ್ನಡ ಭಾಷೆಯ ಸಂಸ್ಕೃತಿ, ಐತಿಹಾಸಿಕ ಮಹತ್ವವನ್ನು ಉಳಿಸುವ ಕೆಲಸವಾಗಬೇಕು ಎಂದು ಕಡಬ ತಾಲೂಕು ಪಂಚಾಯತ್ ಕಾರ್ಯನಿರ್ವಹಣಾಧಿಕಾರಿ ಜನಾರ್ದನ ಗೌಡ ಹೇಳಿದರು. ಕಡಬ ತಾಲೂಕು ರಾಷ್ಟ್ರೀಯ ಹಬ್ಬಗಳ ಆಚರಣಾ ಸಮಿತಿ ವತಿಯಿಂದ ಕಡಬ ಸರಸ್ವತಿ ವಿದ್ಯಾಲಯದ ಮೈದಾನದಲ್ಲಿ ನಡೆದ ಕನ್ನಡ ರಾಜ್ಯೋತ್ಸವದಲ್ಲಿ ಧ್ವಜಾರೋಹಣ ನೆರವೇರಿಸಿ ಅವರು ಮಾತನಾಡಿದರು.
ಪಟ್ಟಣ ಪಂಚಾಯತ್ ಮುಖ್ಯಾಧಿಕಾರಿ, ಉಪತಹಶೀಲ್ದಾರ್, ಕಡಬ ಪೊಲೀಸ್ ಠಾಣಾಧಿಕಾರಿ ಹಾಗೂ ವಿವಿಧ ಇಲಾಖಾಧಿಕಾರಿಗಳು ಉಪಸ್ಥಿತರಿದ್ದರು. ತೆರೆದ ವಾಹನದಲ್ಲಿ ಕನ್ನಡಾಂಬೆಯ ಭಾವಚಿತ್ರದ ಮೆರವಣಿಗೆ ನಡೆಯಿತು. ಕಡಬ ಪೇಟೆಯಲ್ಲಿ ಸಾಗಿದ ಮೆರವಣಿಗೆಯಲ್ಲಿ ವಿದ್ಯಾರ್ಥಿಗಳು ಭಾಗವಹಿಸಿದ್ದರು.
ಅಭಿಮಾನವಿರಬೇಕು
ಕನ್ನಡ ನಾಡಿನಲ್ಲಿ ಹುಟ್ಟಿ ಬೆಳೆದು ಇಲ್ಲಿನ ನೆಲ, ಜಲ, ಗಾಳಿಯನ್ನು ಉಪಯೋಗಿಸುವ ನಾವು ಕನ್ನಡ ನಾಡಿಗೆ ಸದಾ ಋಣಿಯಾಗಿರಬೇಕು. ನಾವು ಯಾವುದೇ ಭಾಷೆಗಳನ್ನು ಕಲಿತರೂ ಅದರೊಂದಿಗೆ ನಮ್ಮ ಭಾಷೆಯ ಮೇಲೆ ಅಭಿಮಾನವಿರಬೇಕು.
ಜನಾರ್ದನ ಗೌಡ ಪಣೆಮಜಲು
ಕಡಬ ಸರಕಾರಿ ಪದವಿಪೂರ್ವ ಕಾಲೇಜಿನ ಉಪ ಪ್ರಾಂಶುಪಾಲರು ಡಾ. ವೇದಾವತಿ, ಜಿ.ಪಂ. ಮಾಜಿ ಸದಸ್ಯರು ಪಿ.ಪಿ. ವರ್ಗೀಸ್, ಗ್ರಾ.ಪಂ. ಅಧ್ಯಕ್ಷರು, ಉಪಾಧ್ಯಕ್ಷರು, ಕಡಬ ತಾಲೂಕು ಕನ್ನಡ ಸಾಹಿತ್ಯ ಪರಿಷತ್ ಅಧ್ಯಕ್ಷ ಸೇಸಪ್ಪ ರೈ ಉಪಸ್ಥಿತರಿದ್ದರು. ಉಪತಹಶೀಲ್ದಾರ್ ಗೋಪಾಲ್ ಸ್ವಾಗತಿಸಿದರು.
ಸನ್ಮಾನಿತರು
ರಾಜ್ಯ ಪ್ರಶಸ್ತಿ ಪುರಸ್ಕೃತ ಶಿಕ್ಷಕ ರಾಮಚಂದ್ರ ಶ್ರೀ ರಾಮಕುಂಜೇಶ್ವರ ಕನ್ನಡ ಮಾಧ್ಯಮ ಪ್ರೌಢಶಾಲೆಯ ಸರ್ವೇಶ್ ಭಟ್ ಬಿಳಿನೆಲೆ ಮತ್ತು ವೈದ್ಯಕೀಯ ಸೇವೆಯಲ್ಲಿ ಸೇವೆ ಸಲ್ಲಿಸುತ್ತಿರುವ ವಿದ್ಯಾಪ್ರಕಾಶ ಕಡಬ ಸರಕಾರಿ ಪ್ರಾಥಮಿಕ ಆರೋಗ್ಯ ಕೇಂದ್ರದ ಡಾ. ತ್ರಿಮೂರ್ತಿ ವಿ.ಕೆ. ಅವರನ್ನು ಸನ್ಮಾನಿಸಿ ಗೌರವಿಸಲಾಯಿತು.
ಹಾಗೂ ಸ್ವಾಗತ ನೀಡಿ ಅಭಿನಂದಿಸಲಾಯಿತು. ಉಪ ತಹಶೀಲ್ದಾರ್ ಗೋಪಾಲ್ ಕಲ್ಲುಗುಡ್ಡೆ ಸ್ವಾಗತಿಸಿ, ಸಿಬ್ಬಂದಿ ನಿರೂಪಿಸಿದರು. ಕಡಬ ಸರಕಾರಿ ಪ್ರೌಢಶಾಲೆಯ ವಿದ್ಯಾರ್ಥಿಗಳು ನಾಡಗೀತೆ ಹಾಡಿದರು. ಆರಂಭದಲ್ಲಿ ರಾಷ್ಟ್ರಧ್ವಜಾರೋಹಣ ನಡೆಯಿತು. ಕನ್ನಡ ಕಲರವ ಎಂಬ ಸಾಂಸ್ಕೃತಿಕ ಕಾರ್ಯಕ್ರಮ ಪ್ರದರ್ಶಿಸಲಾಯಿತು. ಬಳಿಕ ವಿವಿಧ ಶಾಲಾ ವಿದ್ಯಾರ್ಥಿಗಳಿಂದ ಕಾರ್ಯಕ್ರಮ ನಡೆಯಿತು. ಶಾಲಾ ಶಿಕ್ಷಕರು ಪ್ರೇಕ್ಷಕರು ಭಾಗವಹಿಸಿದ್ದರು.
